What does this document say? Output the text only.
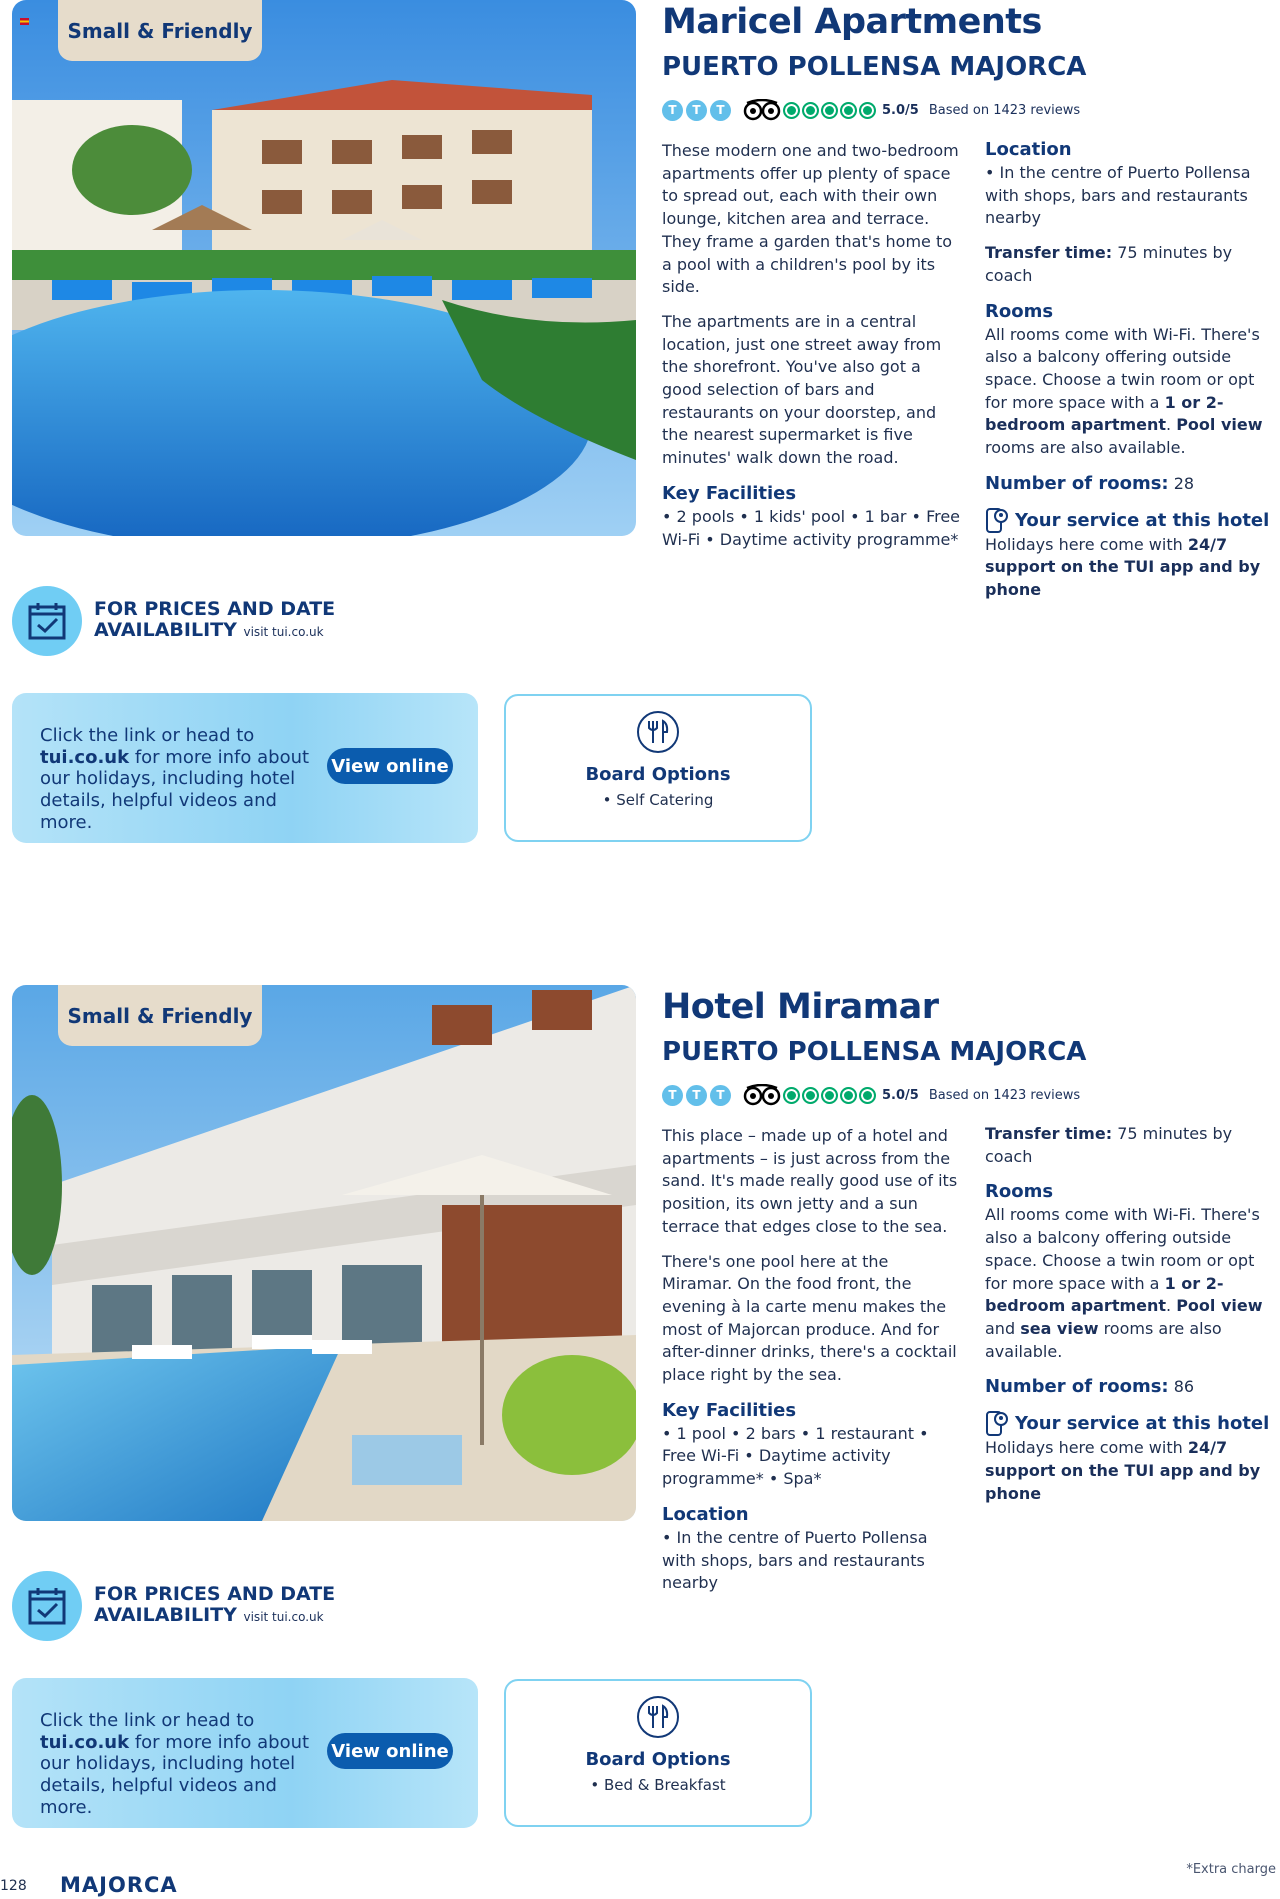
Small & Friendly	Maricel Apartments
PUERTO POLLENSA MAJORCA
T	T	T	5.0/5 Based on 1423 reviews

These modern one and two-bedroom apartments offer up plenty of space to spread out, each with their own lounge, kitchen area and terrace. They frame a garden that's home to a pool with a children's pool by its side.

The apartments are in a central location, just one street away from the shorefront. You've also got a good selection of bars and restaurants on your doorstep, and the nearest supermarket is five minutes' walk down the road.

Key Facilities

• 2 pools • 1 kids' pool • 1 bar • Free Wi-Fi • Daytime activity programme*

Location

• In the centre of Puerto Pollensa with shops, bars and restaurants nearby

Transfer time: 75 minutes by coach

Rooms

All rooms come with Wi-Fi. There's also a balcony offering outside space. Choose a twin room or opt for more space with a 1 or 2-bedroom apartment. Pool view rooms are also available.

Number of rooms: 28

Your service at this hotel

Holidays here come with 24/7 support on the TUI app and by phone

FOR PRICES AND DATE
AVAILABILITY visit tui.co.uk
Click the link or head to tui.co.uk for more info about our holidays, including hotel details, helpful videos and more.
View online	Board Options
• Self Catering
Small & Friendly	Hotel Miramar
PUERTO POLLENSA MAJORCA
T	T	T	5.0/5 Based on 1423 reviews

This place – made up of a hotel and apartments – is just across from the sand. It's made really good use of its position, its own jetty and a sun terrace that edges close to the sea.

There's one pool here at the Miramar. On the food front, the evening à la carte menu makes the most of Majorcan produce. And for after-dinner drinks, there's a cocktail place right by the sea.

Key Facilities

• 1 pool • 2 bars • 1 restaurant • Free Wi-Fi • Daytime activity programme* • Spa*

Location

• In the centre of Puerto Pollensa with shops, bars and restaurants nearby

Transfer time: 75 minutes by coach

Rooms

All rooms come with Wi-Fi. There's also a balcony offering outside space. Choose a twin room or opt for more space with a 1 or 2-bedroom apartment. Pool view and sea view rooms are also available.

Number of rooms: 86

Your service at this hotel

Holidays here come with 24/7 support on the TUI app and by phone

FOR PRICES AND DATE
AVAILABILITY visit tui.co.uk
Click the link or head to tui.co.uk for more info about our holidays, including hotel details, helpful videos and more.
View online	Board Options
• Bed & Breakfast
128 MAJORCA
*Extra charge
